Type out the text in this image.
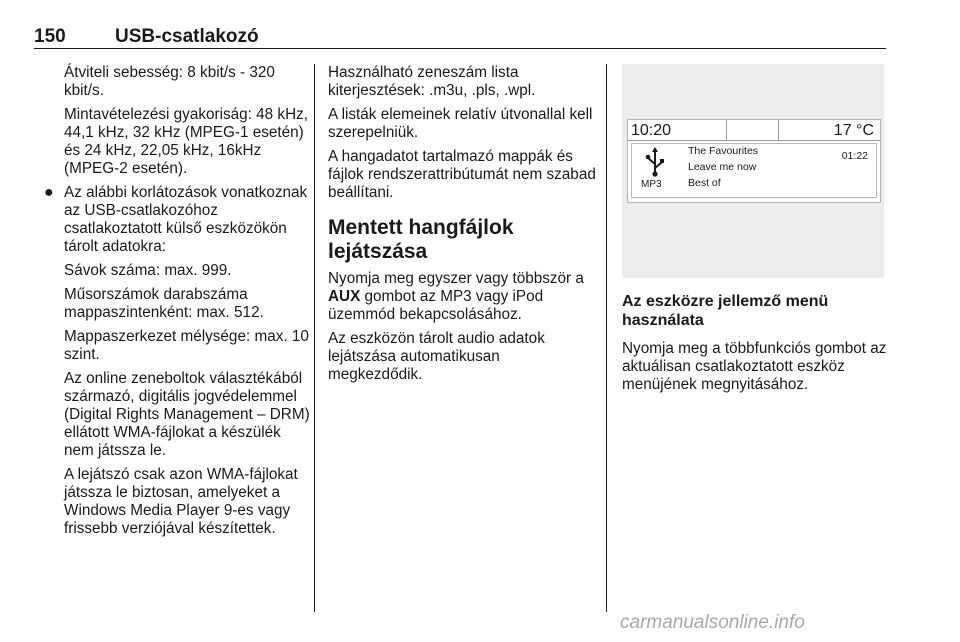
150	USB-csatlakozó

Átviteli sebesség: 8 kbit/s - 320 kbit/s.

Mintavételezési gyakoriság: 48 kHz, 44,1 kHz, 32 kHz (MPEG-1 esetén) és 24 kHz, 22,05 kHz, 16kHz (MPEG-2 esetén).

● Az alábbi korlátozások vonatkoznak az USB-csatlakozóhoz csatlakoztatott külső eszközökön tárolt adatokra:

Sávok száma: max. 999.

Műsorszámok darabszáma mappaszintenként: max. 512.

Mappaszerkezet mélysége: max. 10 szint.

Az online zeneboltok választékából származó, digitális jogvédelemmel (Digital Rights Management – DRM) ellátott WMA-fájlokat a készülék nem játssza le.

A lejátszó csak azon WMA-fájlokat játssza le biztosan, amelyeket a Windows Media Player 9-es vagy frissebb verziójával készítettek.

Használható zeneszám lista kiterjesztések: .m3u, .pls, .wpl.

A listák elemeinek relatív útvonallal kell szerepelniük.

A hangadatot tartalmazó mappák és fájlok rendszerattribútumát nem szabad beállítani.

Mentett hangfájlok lejátszása

Nyomja meg egyszer vagy többször a AUX gombot az MP3 vagy iPod üzemmód bekapcsolásához.

Az eszközön tárolt audio adatok lejátszása automatikusan megkezdődik.

10:20	17 °C
MP3
The Favourites
Leave me now
Best of
01:22
Az eszközre jellemző menü használata

Nyomja meg a többfunkciós gombot az aktuálisan csatlakoztatott eszköz menüjének megnyitásához.

carmanualsonline.info
